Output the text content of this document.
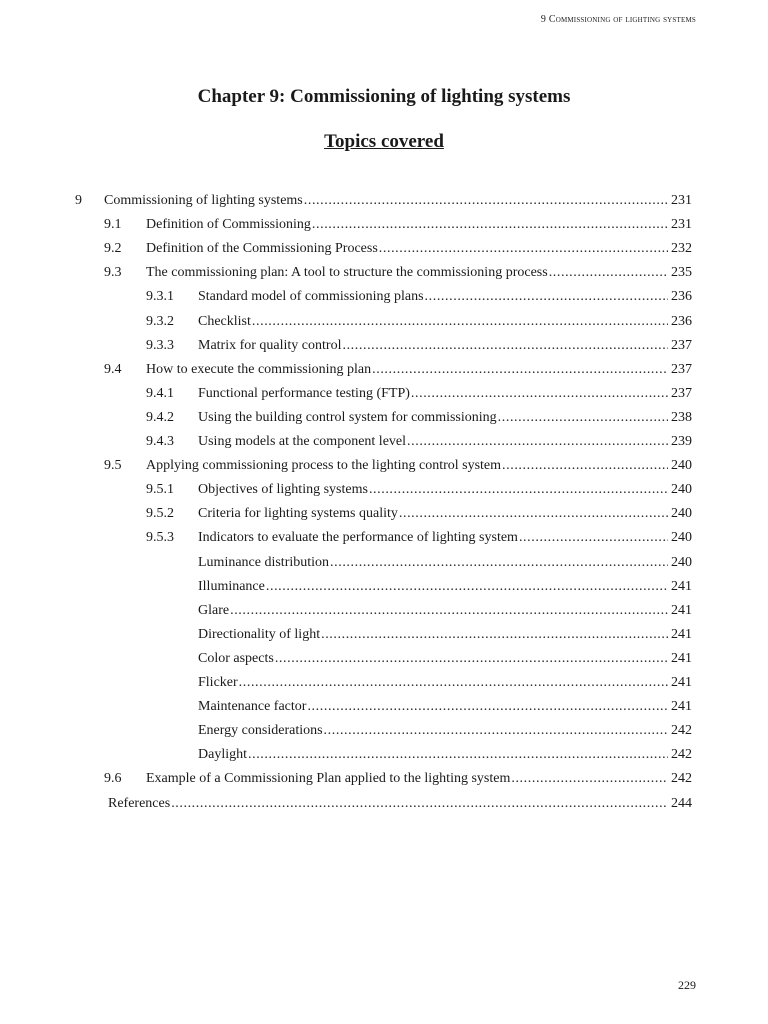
9 Commissioning of lighting systems
Chapter 9: Commissioning of lighting systems
Topics covered
9 Commissioning of lighting systems .....	231
9.1 Definition of Commissioning .....	231
9.2 Definition of the Commissioning Process .....	232
9.3 The commissioning plan: A tool to structure the commissioning process .....	235
9.3.1 Standard model of commissioning plans .....	236
9.3.2 Checklist .....	236
9.3.3 Matrix for quality control .....	237
9.4 How to execute the commissioning plan .....	237
9.4.1 Functional performance testing (FTP) .....	237
9.4.2 Using the building control system for commissioning .....	238
9.4.3 Using models at the component level .....	239
9.5 Applying commissioning process to the lighting control system .....	240
9.5.1 Objectives of lighting systems .....	240
9.5.2 Criteria for lighting systems quality .....	240
9.5.3 Indicators to evaluate the performance of lighting system .....	240
Luminance distribution .....	240
Illuminance .....	241
Glare .....	241
Directionality of light .....	241
Color aspects .....	241
Flicker .....	241
Maintenance factor .....	241
Energy considerations .....	242
Daylight .....	242
9.6 Example of a Commissioning Plan applied to the lighting system .....	242
References .....	244
229
